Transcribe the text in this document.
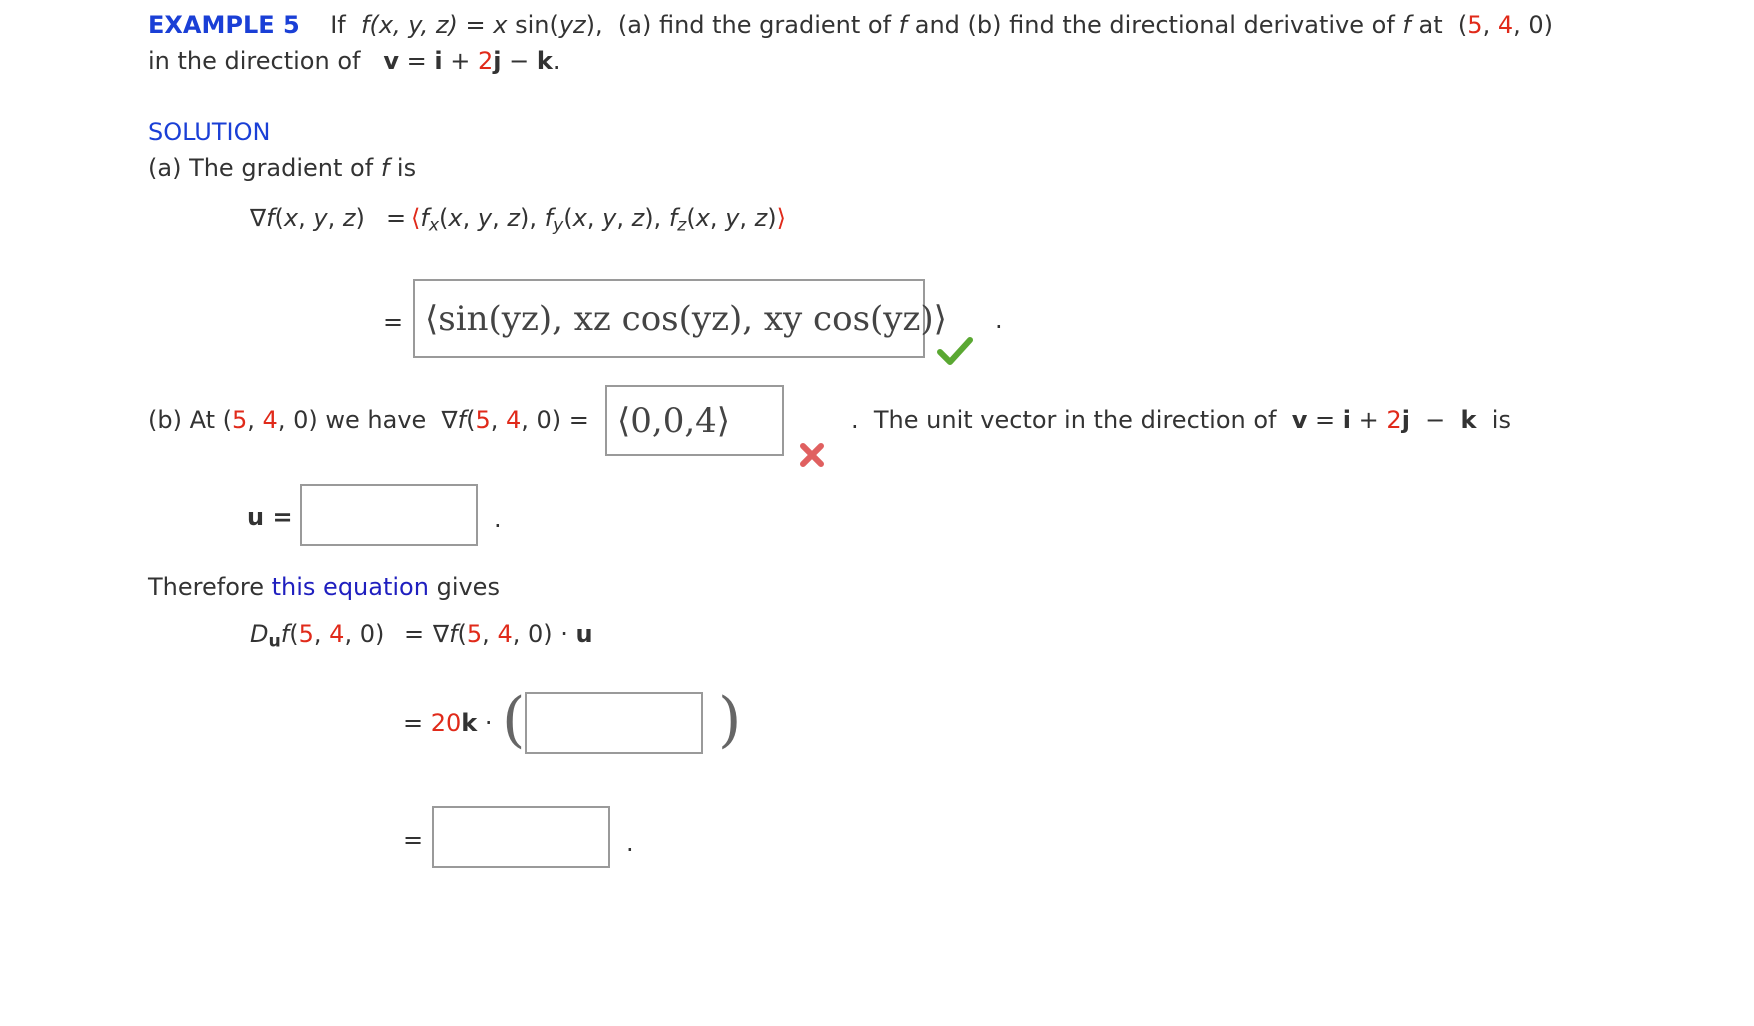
EXAMPLE 5 If f(x, y, z) = x sin(yz), (a) find the gradient of f and (b) find the directional derivative of f at (5, 4, 0)
in the direction of v = i + 2j − k.
SOLUTION
(a) The gradient of f is
∇f(x, y, $z) = ⟨f_x(x$, y, z), $f_y(x$, y, z), $f_z(x$, y, z)⟩
= ⟨sin(yz), xz cos(yz), xy cos(yz)⟩ .
(b) At (5, 4, 0) we have  ∇f(5, 4, 0) = ⟨0,0,4⟩	.  The unit vector in the direction of v = i + 2j  −  k is
u =	.
Therefore this equation gives
$D_uf(5$, 4, 0) = ∇f(5, 4, 0) · u
= 20k · (	)
=	.
